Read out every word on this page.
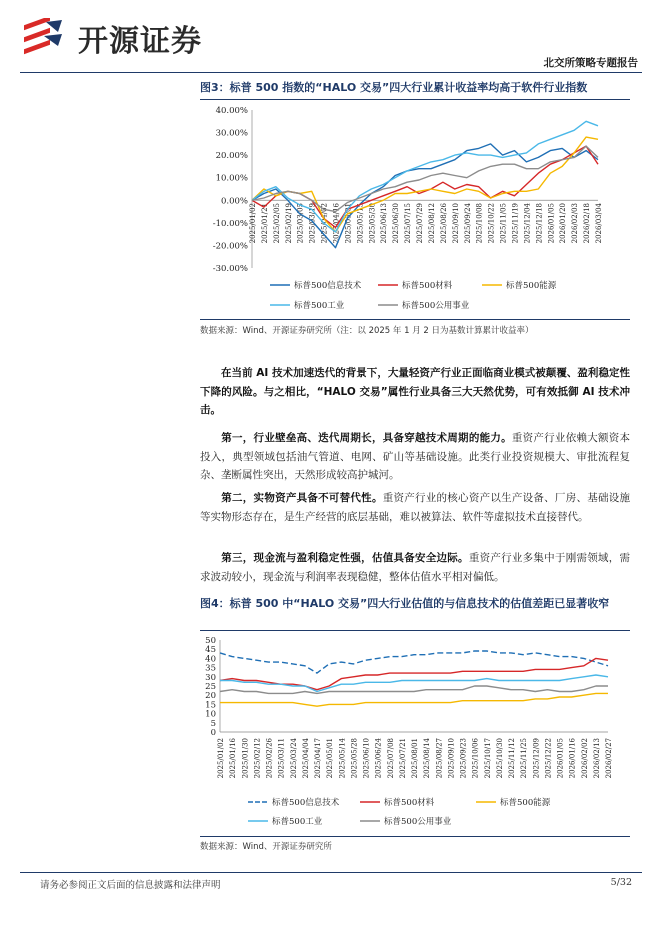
开源证券
北交所策略专题报告
图3：标普 500 指数的“HALO 交易”四大行业累计收益率均高于软件行业指数
40.00%
30.00%
20.00%
10.00%
0.00%
-10.00%
-20.00%
-30.00%
2025/01/02 2025/01/21 2025/02/05 2025/02/19 2025/03/05 2025/03/19 2025/04/02 2025/04/16 2025/05/01 2025/05/15 2025/05/30 2025/06/13 2025/06/30 2025/07/15 2025/07/29 2025/08/12 2025/08/26 2025/09/10 2025/09/24 2025/10/08 2025/10/22 2025/11/05 2025/11/19 2025/12/04 2025/12/18 2026/01/05 2026/01/20 2026/02/03 2026/02/18 2026/03/04
标普500信息技术	标普500材料	标普500能源
标普500工业	标普500公用事业
数据来源：Wind、开源证券研究所（注：以 2025 年 1 月 2 日为基数计算累计收益率）
在当前 AI 技术加速迭代的背景下，大量轻资产行业正面临商业模式被颠覆、盈利稳定性下降的风险。与之相比，“HALO 交易”属性行业具备三大天然优势，可有效抵御 AI 技术冲击。
第一，行业壁垒高、迭代周期长，具备穿越技术周期的能力。重资产行业依赖大额资本投入，典型领域包括油气管道、电网、矿山等基础设施。此类行业投资规模大、审批流程复杂、垄断属性突出，天然形成较高护城河。
第二，实物资产具备不可替代性。重资产行业的核心资产以生产设备、厂房、基础设施等实物形态存在，是生产经营的底层基础，难以被算法、软件等虚拟技术直接替代。
第三，现金流与盈利稳定性强，估值具备安全边际。重资产行业多集中于刚需领域，需求波动较小，现金流与利润率表现稳健，整体估值水平相对偏低。
图4：标普 500 中“HALO 交易”四大行业估值的与信息技术的估值差距已显著收窄
50
45
40
35
30
25
20
15
10
5
0
2025/01/02 2025/01/16 2025/01/30 2025/02/12 2025/02/26 2025/03/11 2025/03/24 2025/04/04 2025/04/17 2025/05/01 2025/05/14 2025/05/28 2025/06/10 2025/06/24 2025/07/08 2025/07/21 2025/08/01 2025/08/14 2025/08/27 2025/09/10 2025/09/23 2025/10/06 2025/10/17 2025/10/30 2025/11/12 2025/11/25 2025/12/09 2025/12/22 2026/01/05 2026/01/16 2026/02/02 2026/02/13 2026/02/27
标普500信息技术	标普500材料	标普500能源
标普500工业	标普500公用事业
数据来源：Wind、开源证券研究所
请务必参阅正文后面的信息披露和法律声明	5/32
